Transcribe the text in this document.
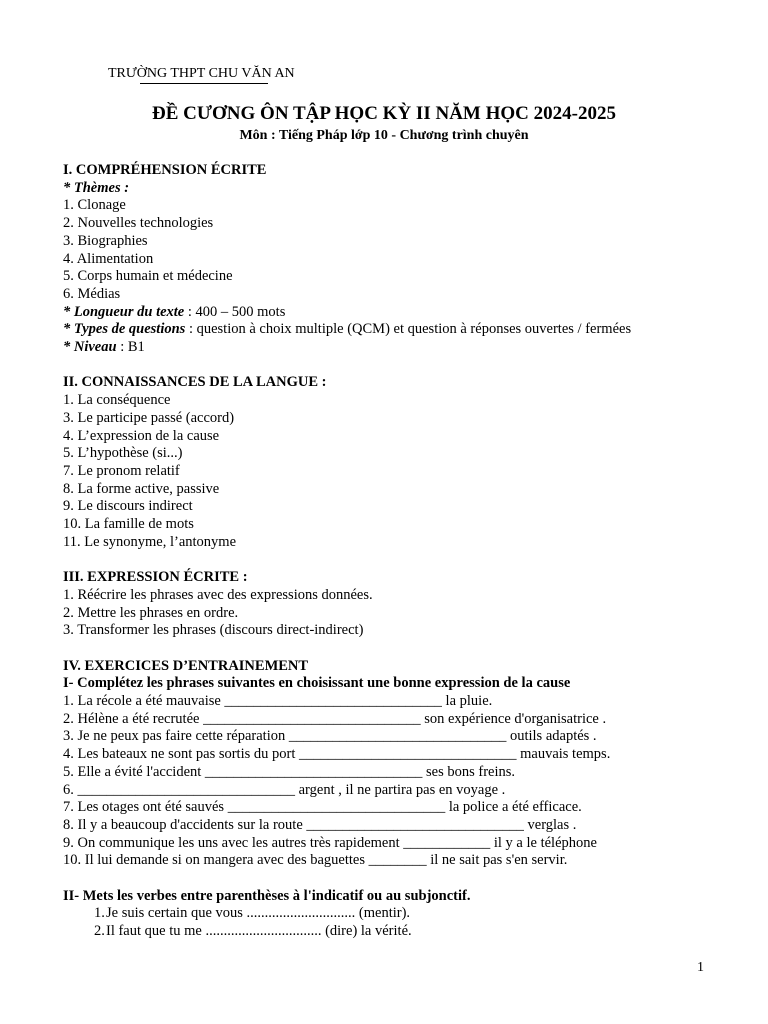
TRƯỜNG THPT CHU VĂN AN
ĐỀ CƯƠNG ÔN TẬP HỌC KỲ II NĂM HỌC 2024-2025
Môn : Tiếng Pháp lớp 10 - Chương trình chuyên
I. COMPRÉHENSION ÉCRITE
* Thèmes :
1. Clonage
2. Nouvelles technologies
3. Biographies
4. Alimentation
5. Corps humain et médecine
6. Médias
* Longueur du texte : 400 – 500 mots
* Types de questions : question à choix multiple (QCM) et question à réponses ouvertes / fermées
* Niveau : B1
II. CONNAISSANCES DE LA LANGUE :
1. La conséquence
3. Le participe passé (accord)
4. L’expression de la cause
5. L’hypothèse (si...)
7. Le pronom relatif
8. La forme active, passive
9. Le discours indirect
10. La famille de mots
11. Le synonyme, l’antonyme
III. EXPRESSION ÉCRITE :
1. Réécrire les phrases avec des expressions données.
2. Mettre les phrases en ordre.
3. Transformer les phrases (discours direct-indirect)
IV. EXERCICES D’ENTRAINEMENT
I- Complétez les phrases suivantes en choisissant une bonne expression de la cause
1. La récole a été mauvaise ______________________________ la pluie.
2. Hélène a été recrutée ______________________________ son expérience d'organisatrice .
3. Je ne peux pas faire cette réparation ______________________________ outils adaptés .
4. Les bateaux ne sont pas sortis du port ______________________________ mauvais temps.
5. Elle a évité l'accident ______________________________ ses bons freins.
6. ______________________________ argent , il ne partira pas en voyage .
7. Les otages ont été sauvés ______________________________ la police a été efficace.
8. Il y a beaucoup d'accidents sur la route ______________________________ verglas .
9. On communique les uns avec les autres très rapidement ____________ il y a le téléphone
10. Il lui demande si on mangera avec des baguettes ________ il ne sait pas s'en servir.
II- Mets les verbes entre parenthèses à l'indicatif ou au subjonctif.
1.Je suis certain que vous .............................. (mentir).
2.Il faut que tu me ................................ (dire) la vérité.
1
